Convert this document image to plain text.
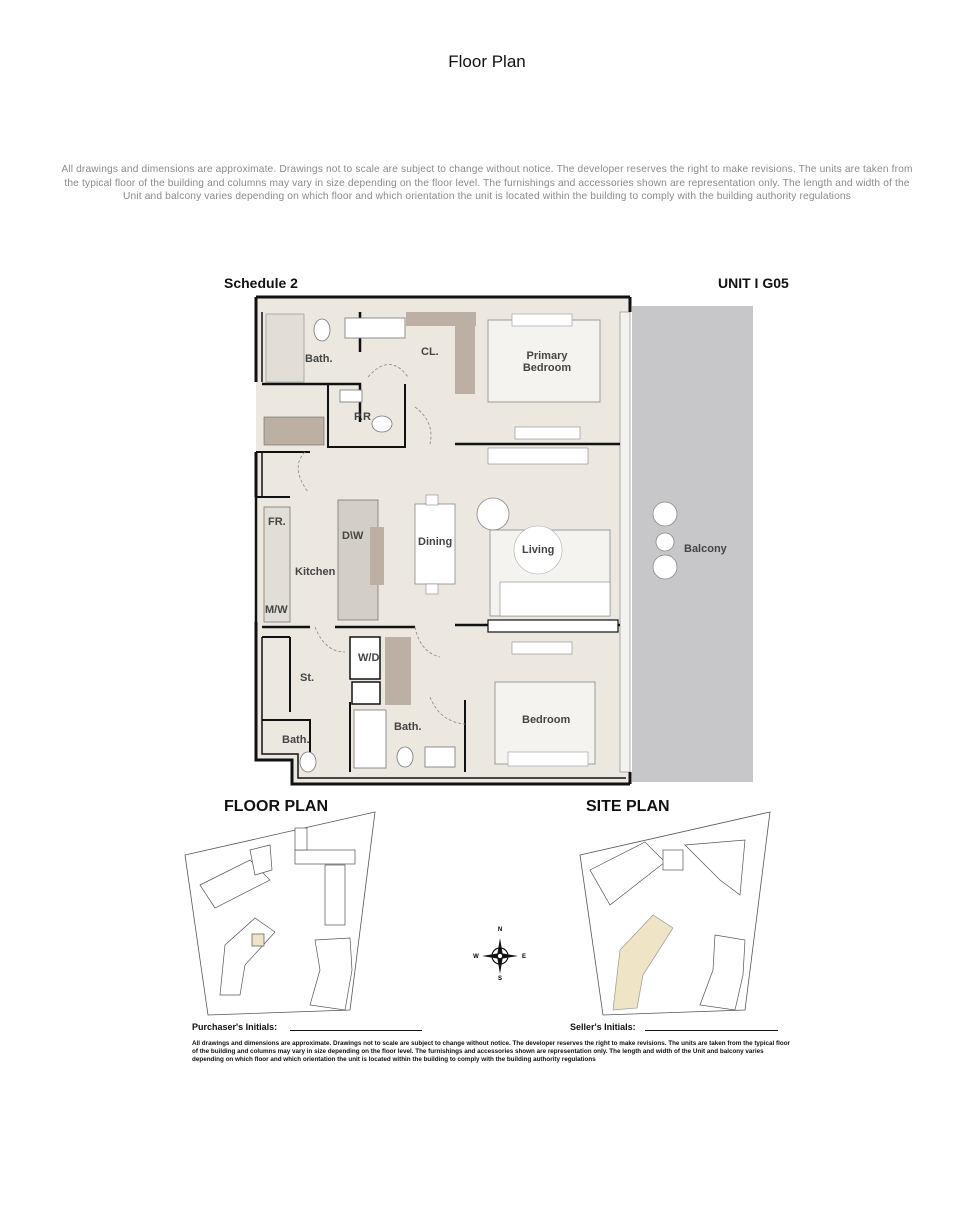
Floor Plan
All drawings and dimensions are approximate. Drawings not to scale are subject to change without notice. The developer reserves the right to make revisions. The units are taken from the typical floor of the building and columns may vary in size depending on the floor level. The furnishings and accessories shown are representation only. The length and width of the Unit and balcony varies depending on which floor and which orientation the unit is located within the building to comply with the building authority regulations
Schedule 2	UNIT I G05
Bath.
CL.	Primary
Bedroom
P.R
FR.
D\W	Dining
Living	Balcony
Kitchen
M/W
W/D
St.
Bedroom
Bath.
Bath.
FLOOR PLAN	SITE PLAN
N
S
W	E
Purchaser's Initials:	Seller's Initials:
All drawings and dimensions are approximate. Drawings not to scale are subject to change without notice. The developer reserves the right to make revisions. The units are taken from the typical floor of the building and columns may vary in size depending on the floor level. The furnishings and accessories shown are representation only. The length and width of the Unit and balcony varies depending on which floor and which orientation the unit is located within the building to comply with the building authority regulations
